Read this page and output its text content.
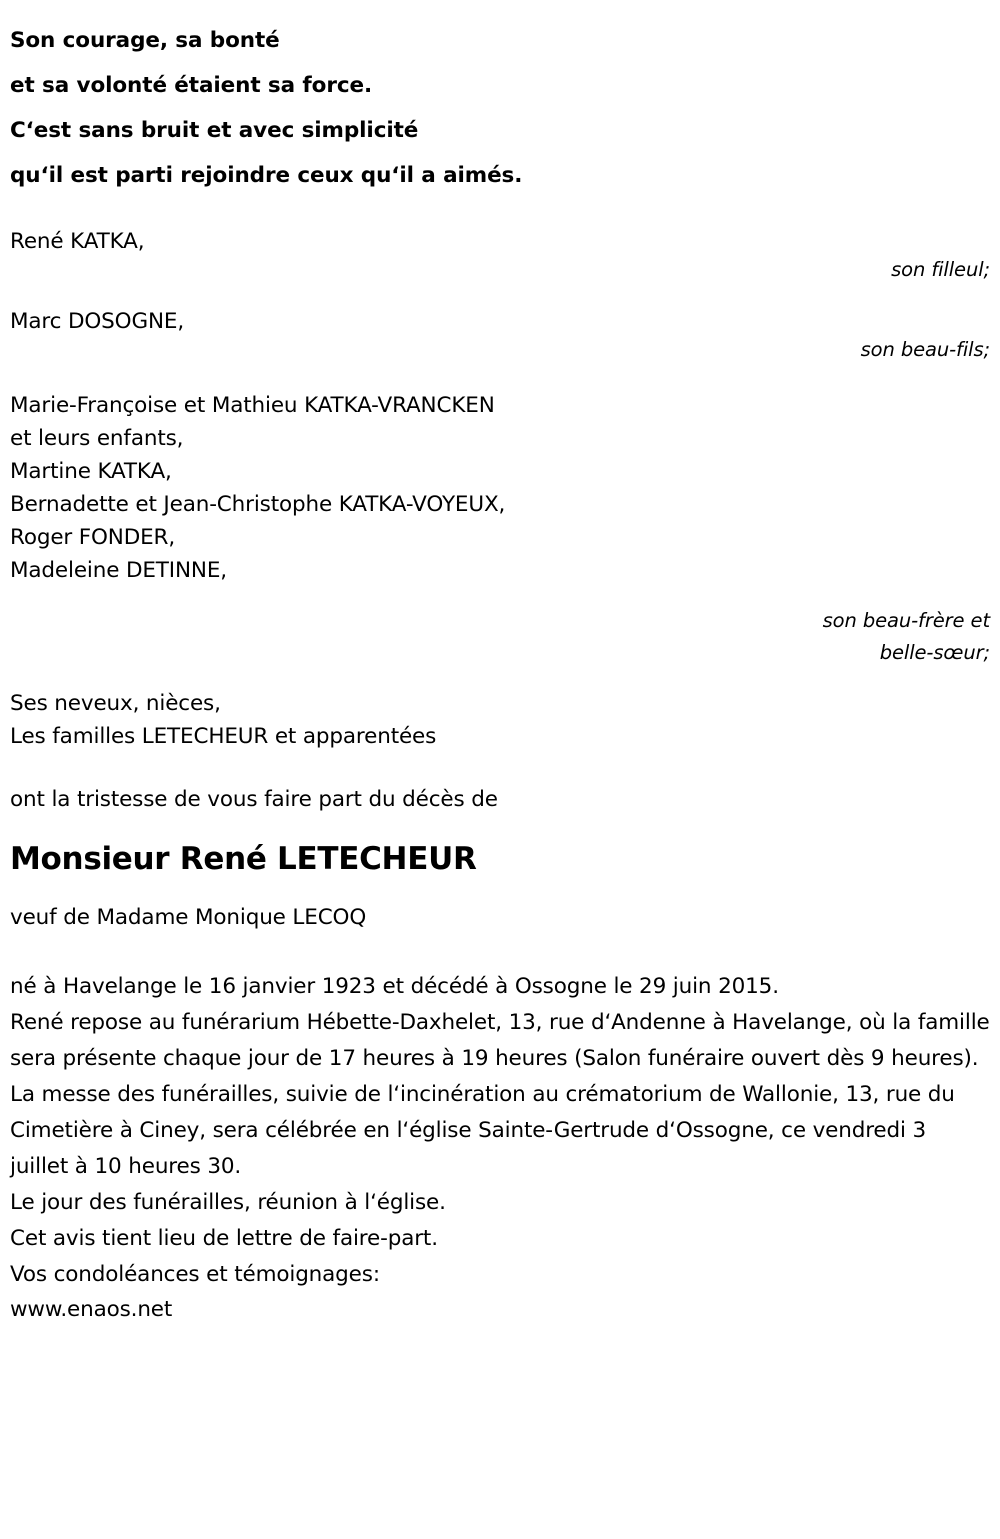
Son courage, sa bonté
et sa volonté étaient sa force.
C‘est sans bruit et avec simplicité
qu‘il est parti rejoindre ceux qu‘il a aimés.
René KATKA,
son filleul;
Marc DOSOGNE,
son beau-fils;
Marie-Françoise et Mathieu KATKA-VRANCKEN
et leurs enfants,
Martine KATKA,
Bernadette et Jean-Christophe KATKA-VOYEUX,
Roger FONDER,
Madeleine DETINNE,
son beau-frère et
belle-sœur;
Ses neveux, nièces,
Les familles LETECHEUR et apparentées
ont la tristesse de vous faire part du décès de
Monsieur René LETECHEUR
veuf de Madame Monique LECOQ
né à Havelange le 16 janvier 1923 et décédé à Ossogne le 29 juin 2015.
René repose au funérarium Hébette-Daxhelet, 13, rue d‘Andenne à Havelange, où la famille sera présente chaque jour de 17 heures à 19 heures (Salon funéraire ouvert dès 9 heures).
La messe des funérailles, suivie de l‘incinération au crématorium de Wallonie, 13, rue du Cimetière à Ciney, sera célébrée en l‘église Sainte-Gertrude d‘Ossogne, ce vendredi 3 juillet à 10 heures 30.
Le jour des funérailles, réunion à l‘église.
Cet avis tient lieu de lettre de faire-part.
Vos condoléances et témoignages:
www.enaos.net
